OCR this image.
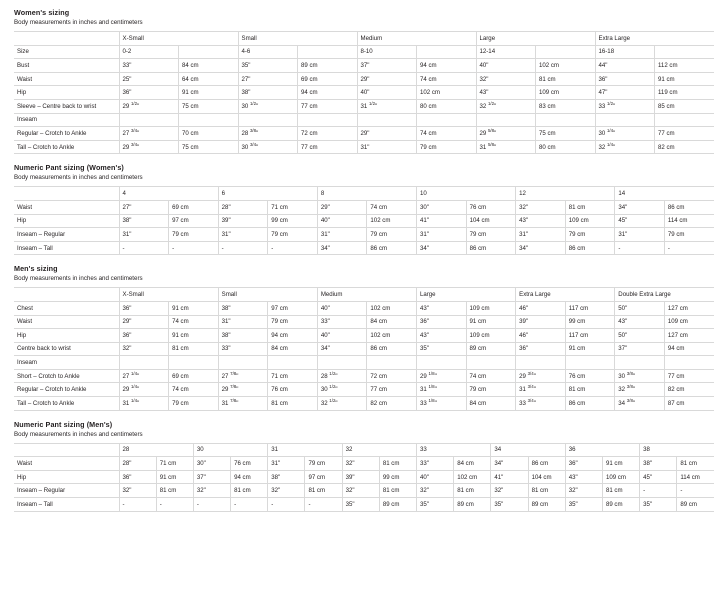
Women's sizing
Body measurements in inches and centimeters
	X-Small		Small		Medium		Large		Extra Large	
Size	0-2		4-6		8-10		12-14		16-18	
Bust	33"	84 cm	35"	89 cm	37"	94 cm	40"	102 cm	44"	112 cm
Waist	25"	64 cm	27"	69 cm	29"	74 cm	32"	81 cm	36"	91 cm
Hip	36"	91 cm	38"	94 cm	40"	102 cm	43"	109 cm	47"	119 cm
Sleeve – Centre back to wrist	29 $^{1/2}$"	75 cm	30 $^{1/2}$"	77 cm	31 $^{1/2}$"	80 cm	32 $^{1/2}$"	83 cm	33 $^{1/2}$"	85 cm
Inseam										
Regular – Crotch to Ankle	27 $^{3/4}$"	70 cm	28 $^{3/8}$"	72 cm	29"	74 cm	29 $^{5/8}$"	75 cm	30 $^{1/4}$"	77 cm
Tall – Crotch to Ankle	29 $^{3/4}$"	75 cm	30 $^{3/4}$"	77 cm	31"	79 cm	31 $^{5/8}$"	80 cm	32 $^{1/4}$"	82 cm
Numeric Pant sizing (Women's)
Body measurements in inches and centimeters
	4		6		8		10		12		14	
Waist	27"	69 cm	28"	71 cm	29"	74 cm	30"	76 cm	32"	81 cm	34"	86 cm
Hip	38"	97 cm	39"	99 cm	40"	102 cm	41"	104 cm	43"	109 cm	45"	114 cm
Inseam – Regular	31"	79 cm	31"	79 cm	31"	79 cm	31"	79 cm	31"	79 cm	31"	79 cm
Inseam – Tall	-	-	-	-	34"	86 cm	34"	86 cm	34"	86 cm	-	-
Men's sizing
Body measurements in inches and centimeters
	X-Small		Small		Medium		Large		Extra Large		Double Extra Large	
Chest	36"	91 cm	38"	97 cm	40"	102 cm	43"	109 cm	46"	117 cm	50"	127 cm
Waist	29"	74 cm	31"	79 cm	33"	84 cm	36"	91 cm	39"	99 cm	43"	109 cm
Hip	36"	91 cm	38"	94 cm	40"	102 cm	43"	109 cm	46"	117 cm	50"	127 cm
Centre back to wrist	32"	81 cm	33"	84 cm	34"	86 cm	35"	89 cm	36"	91 cm	37"	94 cm
Inseam												
Short – Crotch to Ankle	27 $^{1/4}$"	69 cm	27 $^{7/8}$"	71 cm	28 $^{1/2}$"	72 cm	29 $^{1/8}$"	74 cm	29 $^{3/4}$"	76 cm	30 $^{3/8}$"	77 cm
Regular – Crotch to Ankle	29 $^{1/4}$"	74 cm	29 $^{7/8}$"	76 cm	30 $^{1/2}$"	77 cm	31 $^{1/8}$"	79 cm	31 $^{3/4}$"	81 cm	32 $^{3/8}$"	82 cm
Tall – Crotch to Ankle	31 $^{1/4}$"	79 cm	31 $^{7/8}$"	81 cm	32 $^{1/2}$"	82 cm	33 $^{1/8}$"	84 cm	33 $^{3/4}$"	86 cm	34 $^{3/8}$"	87 cm
Numeric Pant sizing (Men's)
Body measurements in inches and centimeters
	28		30		31		32		33		34		36		38	
Waist	28"	71 cm	30"	76 cm	31"	79 cm	32"	81 cm	33"	84 cm	34"	86 cm	36"	91 cm	38"	81 cm
Hip	36"	91 cm	37"	94 cm	38"	97 cm	39"	99 cm	40"	102 cm	41"	104 cm	43"	109 cm	45"	114 cm
Inseam – Regular	32"	81 cm	32"	81 cm	32"	81 cm	32"	81 cm	32"	81 cm	32"	81 cm	32"	81 cm	-	-
Inseam – Tall	-	-	-	-	-	-	35"	89 cm	35"	89 cm	35"	89 cm	35"	89 cm	35"	89 cm
